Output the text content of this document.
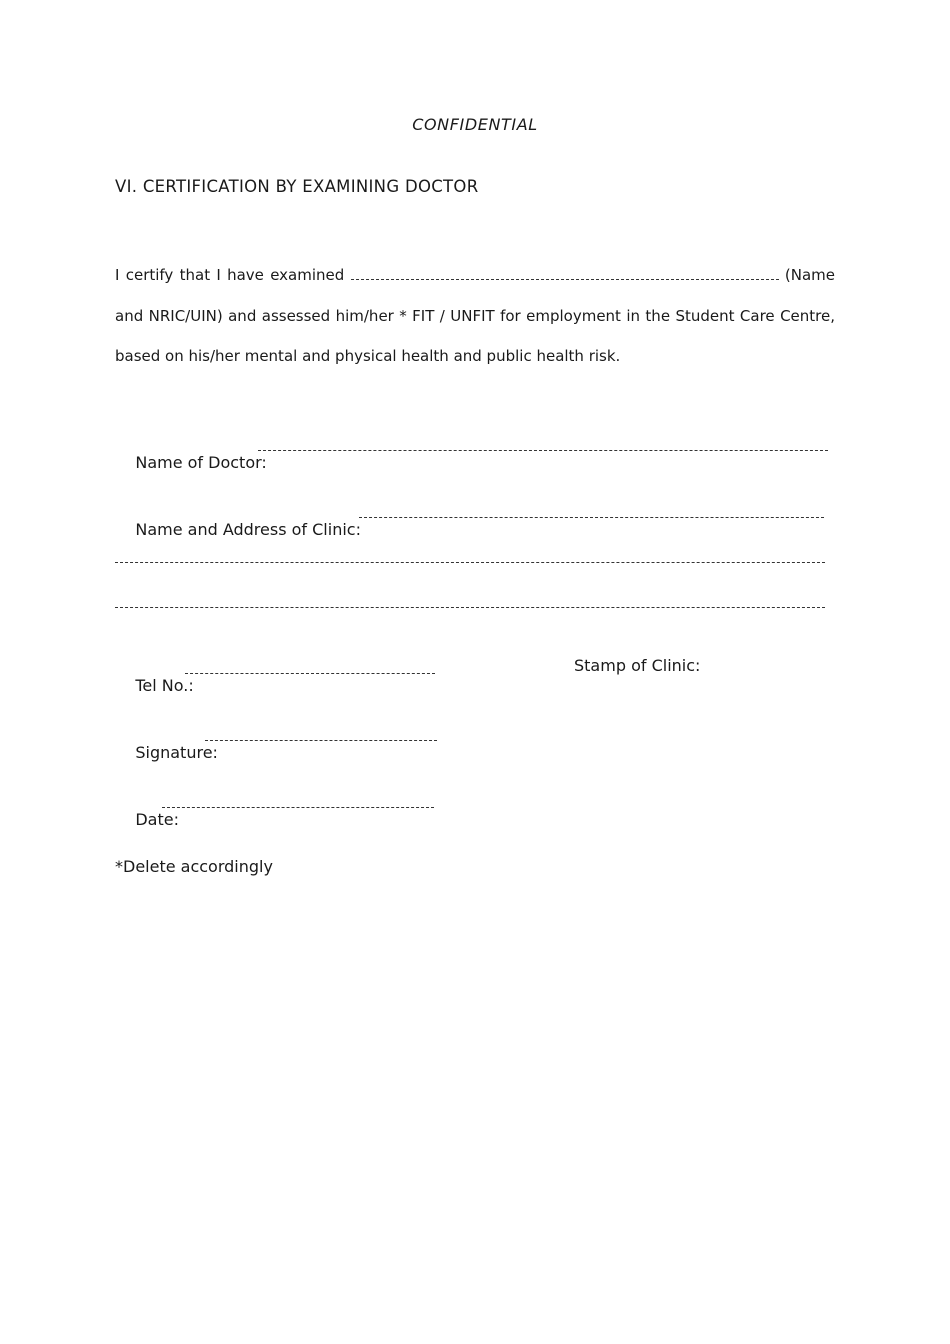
CONFIDENTIAL
VI. CERTIFICATION BY EXAMINING DOCTOR
I certify that I have examined	(Name and NRIC/UIN) and assessed him/her * FIT / UNFIT for employment in the Student Care Centre, based on his/her mental and physical health and public health risk.

Name of Doctor:

Name and Address of Clinic:

Tel No.:

Stamp of Clinic:

Signature:

Date:

*Delete accordingly
